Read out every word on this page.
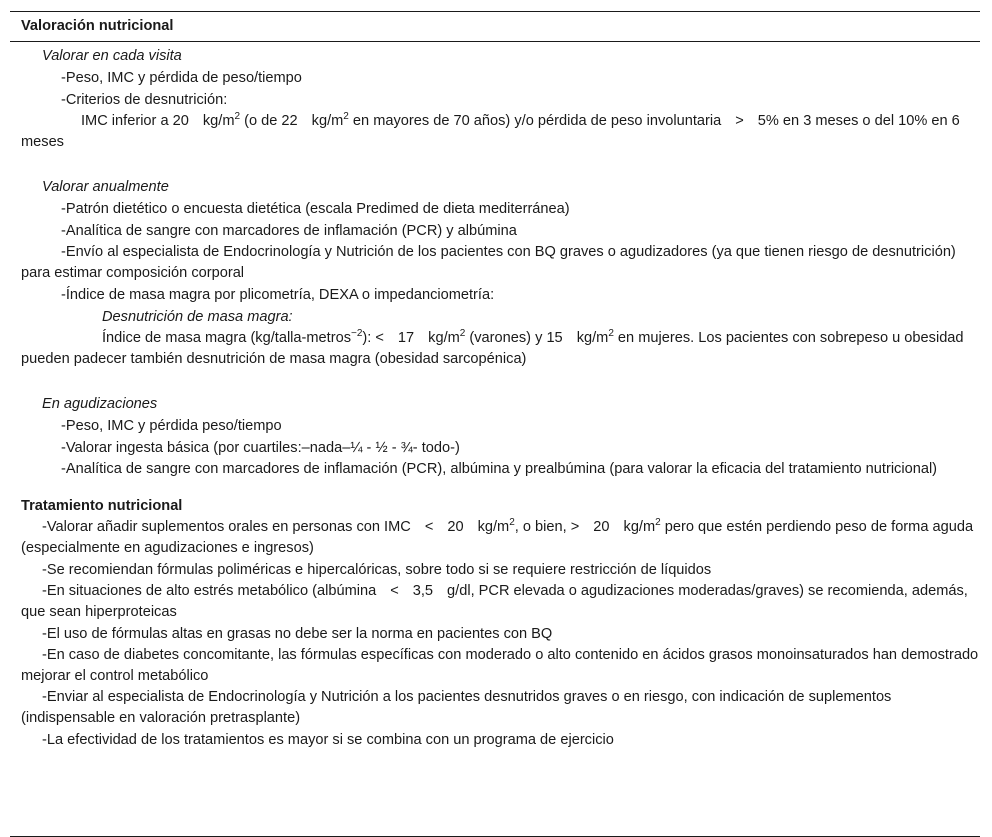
Valoración nutricional

Valorar en cada visita

-Peso, IMC y pérdida de peso/tiempo

-Criterios de desnutrición:

IMC inferior a 20 $kg/m^2$ (o de 22 $kg/m^2$ en mayores de 70 años) y/o pérdida de peso involuntaria > 5% en 3 meses o del 10% en 6 meses

Valorar anualmente

-Patrón dietético o encuesta dietética (escala Predimed de dieta mediterránea)

-Analítica de sangre con marcadores de inflamación (PCR) y albúmina

-Envío al especialista de Endocrinología y Nutrición de los pacientes con BQ graves o agudizadores (ya que tienen riesgo de desnutrición) para estimar composición corporal

-Índice de masa magra por plicometría, DEXA o impedanciometría:

Desnutrición de masa magra:

Índice de masa magra (kg/talla-metros$^{-2}$): < 17 $kg/m^2$ (varones) y 15 $kg/m^2$ en mujeres. Los pacientes con sobrepeso u obesidad pueden padecer también desnutrición de masa magra (obesidad sarcopénica)

En agudizaciones

-Peso, IMC y pérdida peso/tiempo

-Valorar ingesta básica (por cuartiles:–nada–¼ - ½ - ¾- todo-)

-Analítica de sangre con marcadores de inflamación (PCR), albúmina y prealbúmina (para valorar la eficacia del tratamiento nutricional)

Tratamiento nutricional

-Valorar añadir suplementos orales en personas con IMC < 20 $kg/m^2$, o bien, > 20 $kg/m^2$ pero que estén perdiendo peso de forma aguda (especialmente en agudizaciones e ingresos)

-Se recomiendan fórmulas poliméricas e hipercalóricas, sobre todo si se requiere restricción de líquidos

-En situaciones de alto estrés metabólico (albúmina < 3,5 g/dl, PCR elevada o agudizaciones moderadas/graves) se recomienda, además, que sean hiperproteicas

-El uso de fórmulas altas en grasas no debe ser la norma en pacientes con BQ

-En caso de diabetes concomitante, las fórmulas específicas con moderado o alto contenido en ácidos grasos monoinsaturados han demostrado mejorar el control metabólico

-Enviar al especialista de Endocrinología y Nutrición a los pacientes desnutridos graves o en riesgo, con indicación de suplementos (indispensable en valoración pretrasplante)

-La efectividad de los tratamientos es mayor si se combina con un programa de ejercicio
